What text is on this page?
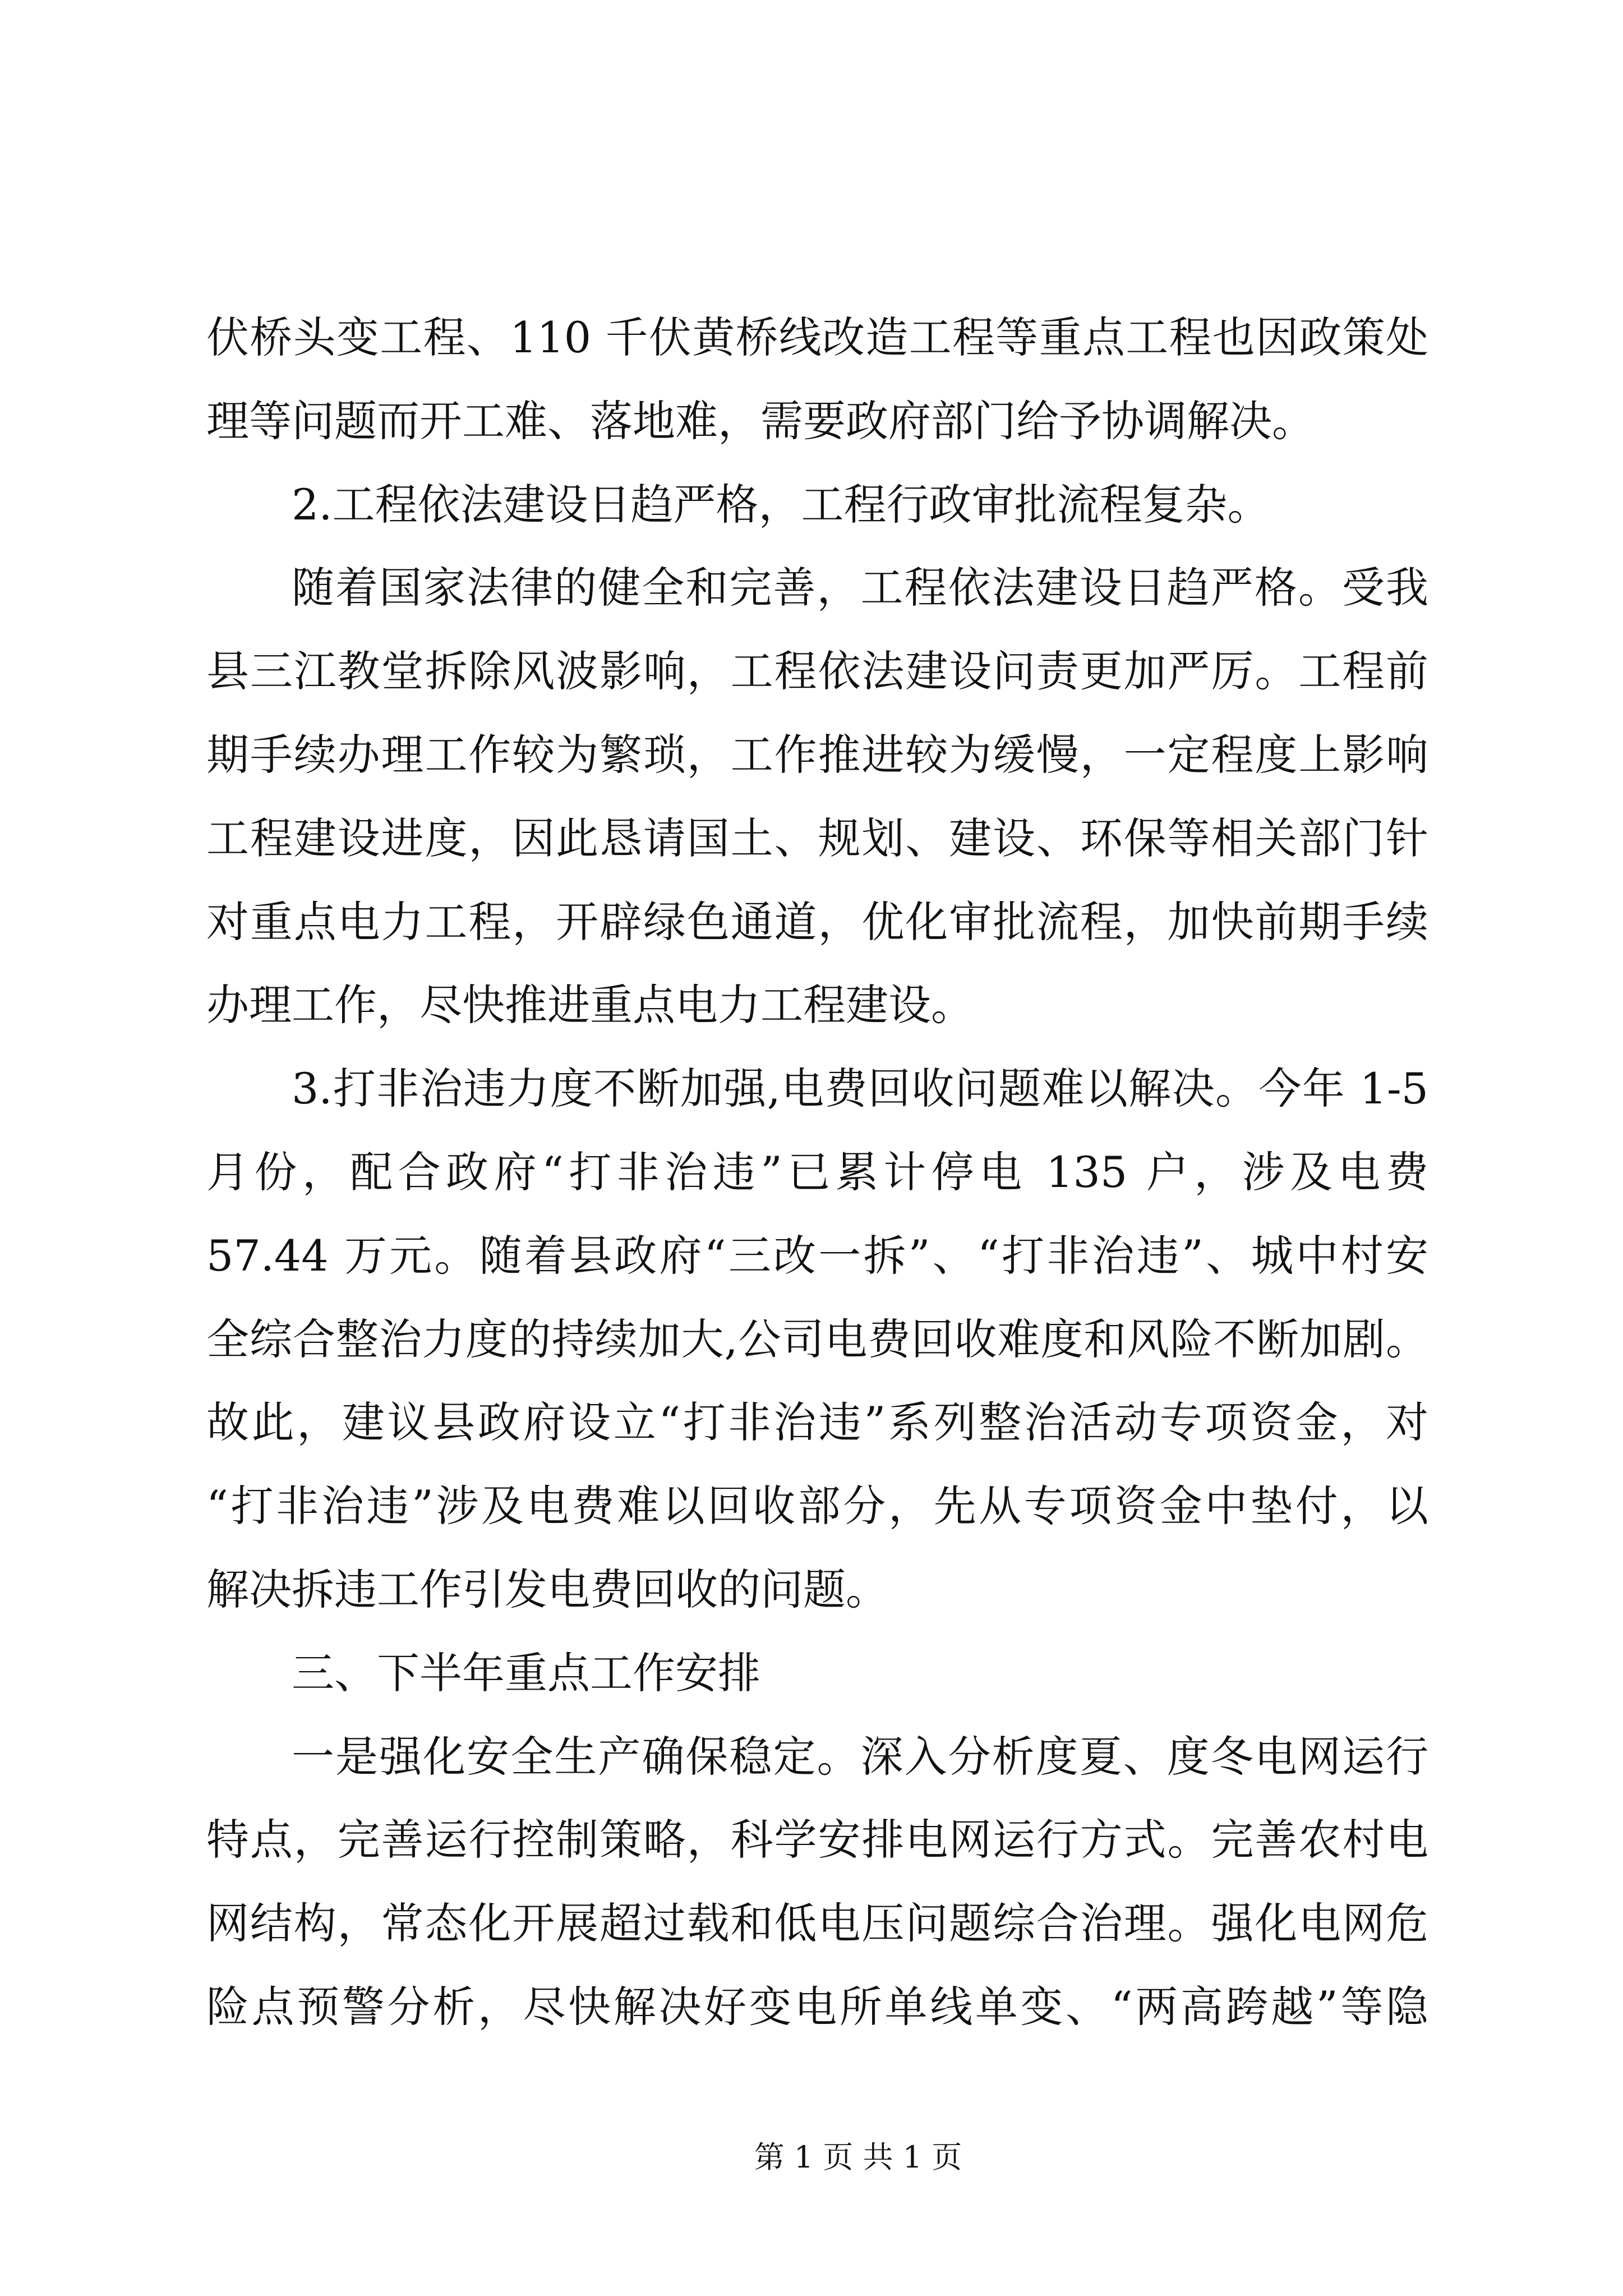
伏桥头变工程、110 千伏黄桥线改造工程等重点工程也因政策处
理等问题而开工难、落地难，需要政府部门给予协调解决。
2.工程依法建设日趋严格，工程行政审批流程复杂。
随着国家法律的健全和完善，工程依法建设日趋严格。受我
县三江教堂拆除风波影响，工程依法建设问责更加严厉。工程前
期手续办理工作较为繁琐，工作推进较为缓慢，一定程度上影响
工程建设进度，因此恳请国土、规划、建设、环保等相关部门针
对重点电力工程，开辟绿色通道，优化审批流程，加快前期手续
办理工作，尽快推进重点电力工程建设。
3.打非治违力度不断加强,电费回收问题难以解决。今年 1-5
月份，配合政府“打非治违”已累计停电 135 户，涉及电费
57.44 万元。随着县政府“三改一拆”、“打非治违”、城中村安
全综合整治力度的持续加大,公司电费回收难度和风险不断加剧。
故此，建议县政府设立“打非治违”系列整治活动专项资金，对
“打非治违”涉及电费难以回收部分，先从专项资金中垫付，以
解决拆违工作引发电费回收的问题。
三、下半年重点工作安排
一是强化安全生产确保稳定。深入分析度夏、度冬电网运行
特点，完善运行控制策略，科学安排电网运行方式。完善农村电
网结构，常态化开展超过载和低电压问题综合治理。强化电网危
险点预警分析，尽快解决好变电所单线单变、“两高跨越”等隐
第 1 页 共 1 页
